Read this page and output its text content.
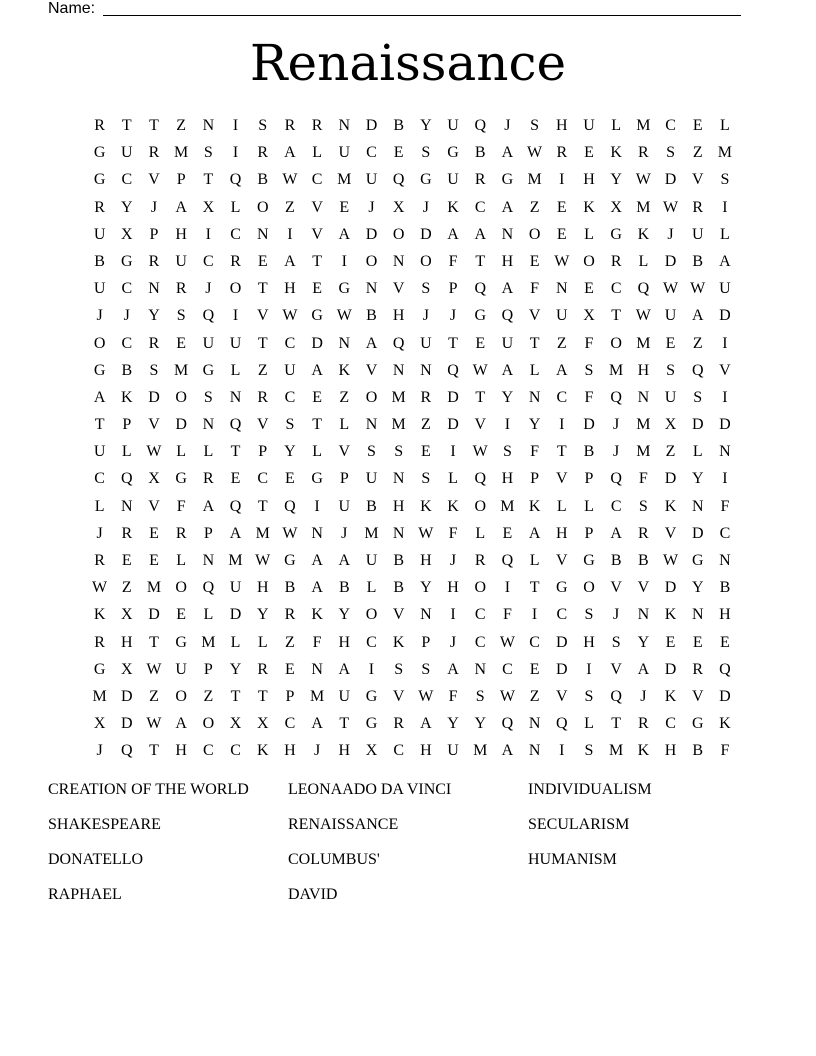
Name:
Renaissance
R	T	T	Z	N	I	S	R	R	N D	B	Y U Q	J	S	H U	L M C	E	L
G U	R M S	I	R	A	L	U	C	E	S	G	B	A W R	E	K	R	S	Z M
G	C	V	P	T	Q	B W C M U Q G U	R	G M	I	H Y W D V	S
R	Y	J	A X	L	O	Z	V	E	J	X	J	K	C	A	Z	E	K X M W R	I
U X	P	H	I	C	N	I	V A D O D A A N O	E	L	G K	J	U	L
B	G	R	U	C	R	E	A	T	I	O N O	F	T	H	E W O	R	L	D	B	A
U	C	N	R	J	O	T	H	E	G N V	S	P	Q A	F	N	E	C	Q W W U
J	J	Y	S	Q	I	V W G W B	H	J	J	G Q V U X	T W U A D
O	C	R	E	U U	T	C	D N A Q U	T	E	U	T	Z	F	O M E	Z	I
G	B	S M G	L	Z	U A K V N N Q W A	L	A	S M H	S	Q V
A K D O	S	N	R	C	E	Z	O M R	D	T	Y N	C	F	Q N U	S	I
T	P	V D N Q V	S	T	L	N M Z	D V	I	Y	I	D	J	M X D D
U	L W L	L	T	P	Y	L	V	S	S	E	I	W S	F	T	B	J	M Z	L	N
C	Q X G	R	E	C	E	G	P	U N	S	L	Q H	P	V	P	Q	F	D Y	I
L	N V	F	A Q	T	Q	I	U	B	H K K O M K	L	L	C	S	K N	F
J	R	E	R	P	A M W N	J	M N W F	L	E	A H	P	A	R	V D	C
R	E	E	L	N M W G A A U	B	H	J	R	Q	L	V G	B	B W G N
W Z M O Q U H	B	A	B	L	B	Y H O	I	T	G O V V D Y	B
K X D	E	L	D Y	R	K Y O V N	I	C	F	I	C	S	J	N K N H
R	H	T	G M L	L	Z	F	H	C	K	P	J	C W C	D H	S	Y	E	E	E
G X W U	P	Y	R	E	N A	I	S	S	A N	C	E	D	I	V A D	R	Q
M D	Z	O	Z	T	T	P M U G V W F	S W Z	V	S	Q	J	K V D
X D W A O X X	C	A	T	G	R	A Y Y Q N Q	L	T	R	C	G K
J	Q	T	H	C	C	K H	J	H X	C	H U M A N	I	S M K H	B	F
CREATION OF THE WORLD	LEONAADO DA VINCI	INDIVIDUALISM
SHAKESPEARE	RENAISSANCE	SECULARISM
DONATELLO	COLUMBUS'	HUMANISM
RAPHAEL	DAVID
